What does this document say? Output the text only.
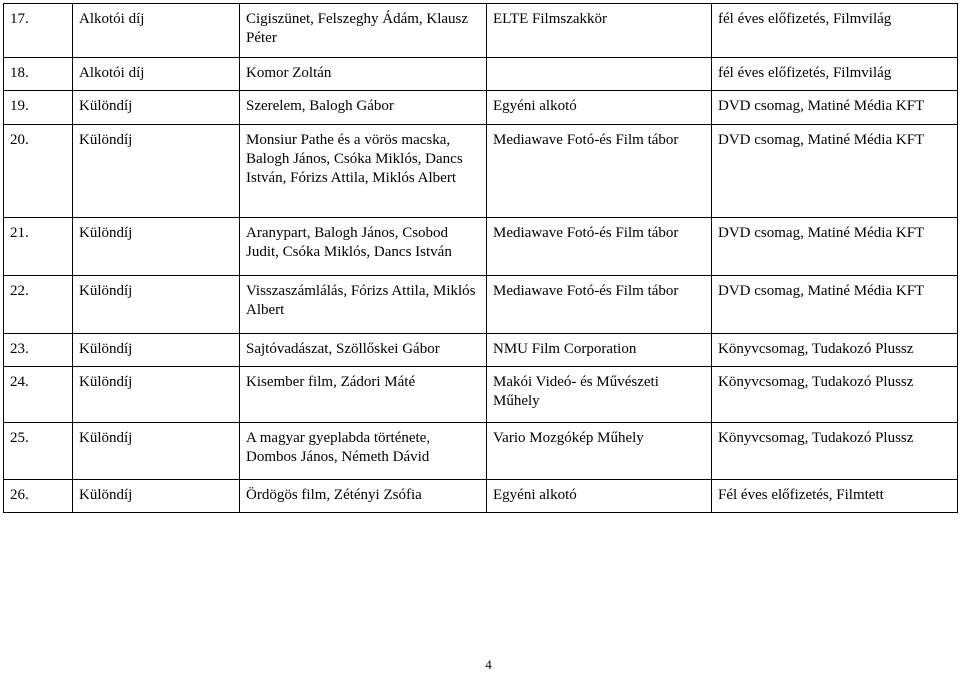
17.	Alkotói díj	Cigiszünet, Felszeghy Ádám, Klausz Péter	ELTE Filmszakkör	fél éves előfizetés, Filmvilág
18.	Alkotói díj	Komor Zoltán		fél éves előfizetés, Filmvilág
19.	Különdíj	Szerelem, Balogh Gábor	Egyéni alkotó	DVD csomag, Matiné Média KFT
20.	Különdíj	Monsiur Pathe és a vörös macska, Balogh János, Csóka Miklós, Dancs István, Fórizs Attila, Miklós Albert	Mediawave Fotó-és Film tábor	DVD csomag, Matiné Média KFT
21.	Különdíj	Aranypart, Balogh János, Csobod Judit, Csóka Miklós, Dancs István	Mediawave Fotó-és Film tábor	DVD csomag, Matiné Média KFT
22.	Különdíj	Visszaszámlálás, Fórizs Attila, Miklós Albert	Mediawave Fotó-és Film tábor	DVD csomag, Matiné Média KFT
23.	Különdíj	Sajtóvadászat, Szöllőskei Gábor	NMU Film Corporation	Könyvcsomag, Tudakozó Plussz
24.	Különdíj	Kisember film, Zádori Máté	Makói Videó- és Művészeti Műhely	Könyvcsomag, Tudakozó Plussz
25.	Különdíj	A magyar gyeplabda története, Dombos János, Németh Dávid	Vario Mozgókép Műhely	Könyvcsomag, Tudakozó Plussz
26.	Különdíj	Ördögös film, Zétényi Zsófia	Egyéni alkotó	Fél éves előfizetés, Filmtett
4
